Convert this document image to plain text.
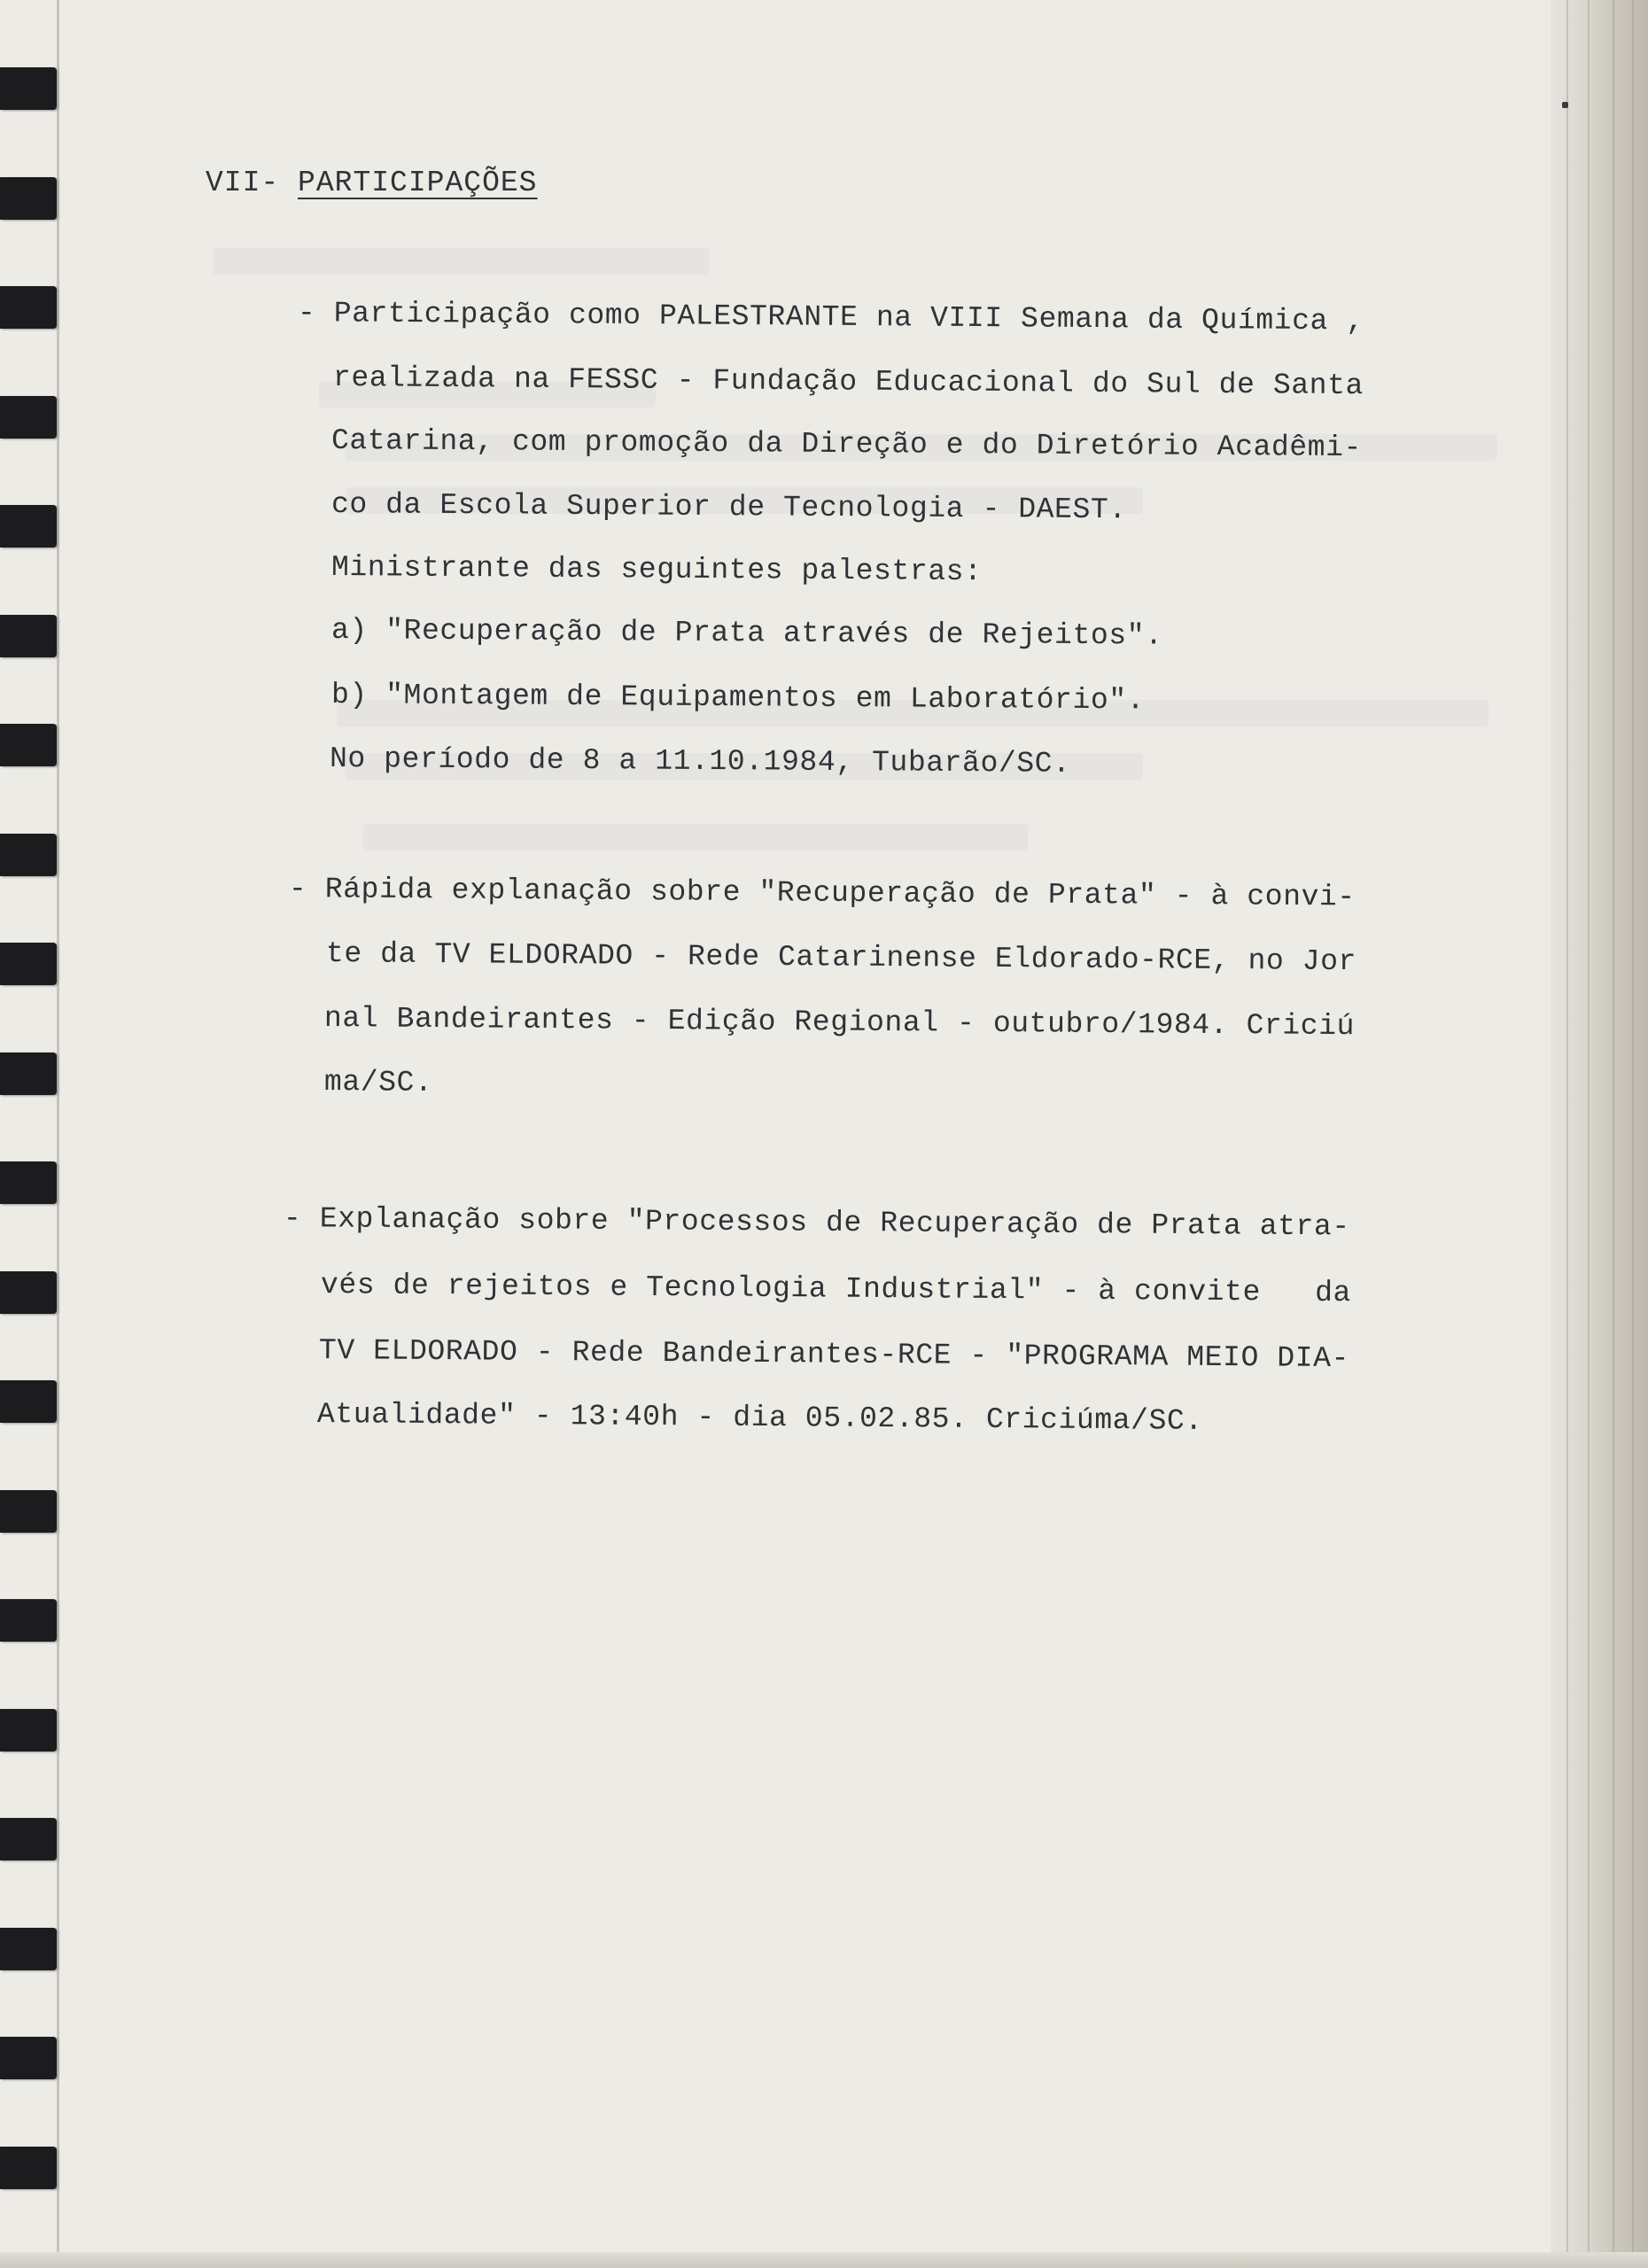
VII- PARTICIPAÇÕES
- Participação como PALESTRANTE na VIII Semana da Química ,
realizada na FESSC - Fundação Educacional do Sul de Santa
Catarina, com promoção da Direção e do Diretório Acadêmi-
co da Escola Superior de Tecnologia - DAEST.
Ministrante das seguintes palestras:
a) "Recuperação de Prata através de Rejeitos".
b) "Montagem de Equipamentos em Laboratório".
No período de 8 a 11.10.1984, Tubarão/SC.
- Rápida explanação sobre "Recuperação de Prata" - à convi-
te da TV ELDORADO - Rede Catarinense Eldorado-RCE, no Jor
nal Bandeirantes - Edição Regional - outubro/1984. Criciú
ma/SC.
- Explanação sobre "Processos de Recuperação de Prata atra-
vés de rejeitos e Tecnologia Industrial" - à convite   da
TV ELDORADO - Rede Bandeirantes-RCE - "PROGRAMA MEIO DIA-
Atualidade" - 13:40h - dia 05.02.85. Criciúma/SC.
